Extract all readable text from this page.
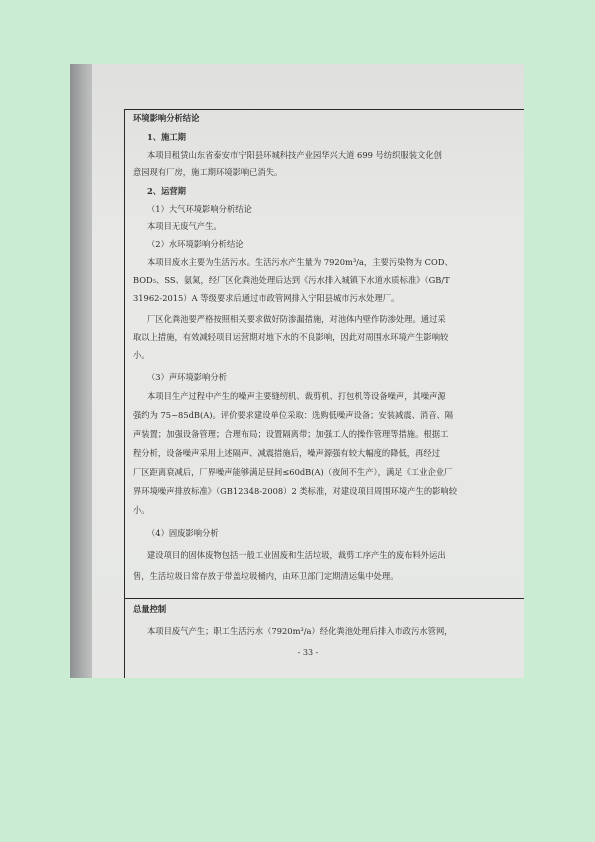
环境影响分析结论
1、施工期
本项目租赁山东省泰安市宁阳县环城科技产业园华兴大道 699 号纺织服装文化创
意园现有厂房，施工期环境影响已消失。
2、运营期
（1）大气环境影响分析结论
本项目无废气产生。
（2）水环境影响分析结论
本项目废水主要为生活污水。生活污水产生量为 7920m³/a，主要污染物为 COD、
BOD₅、SS、氨氮，经厂区化粪池处理后达到《污水排入城镇下水道水质标准》（GB/T
31962-2015）A 等级要求后通过市政管网排入宁阳县城市污水处理厂。
厂区化粪池要严格按照相关要求做好防渗漏措施，对池体内壁作防渗处理。通过采
取以上措施，有效减轻项目运营期对地下水的不良影响，因此对周围水环境产生影响较
小。
（3）声环境影响分析
本项目生产过程中产生的噪声主要缝纫机、裁剪机、打包机等设备噪声，其噪声源
强约为 75~85dB(A)。评价要求建设单位采取：选购低噪声设备；安装减震、消音、隔
声装置；加强设备管理；合理布局；设置隔离带；加强工人的操作管理等措施。根据工
程分析，设备噪声采用上述隔声、减震措施后，噪声源强有较大幅度的降低，再经过
厂区距离衰减后，厂界噪声能够满足昼间≤60dB(A)（夜间不生产），满足《工业企业厂
界环境噪声排放标准》（GB12348-2008）2 类标准，对建设项目周围环境产生的影响较
小。
（4）固废影响分析
建设项目的固体废物包括一般工业固废和生活垃圾，裁剪工序产生的废布料外运出
售，生活垃圾日常存放于带盖垃圾桶内，由环卫部门定期清运集中处理。
总量控制
本项目废气产生；职工生活污水（7920m³/a）经化粪池处理后排入市政污水管网，
- 33 -
